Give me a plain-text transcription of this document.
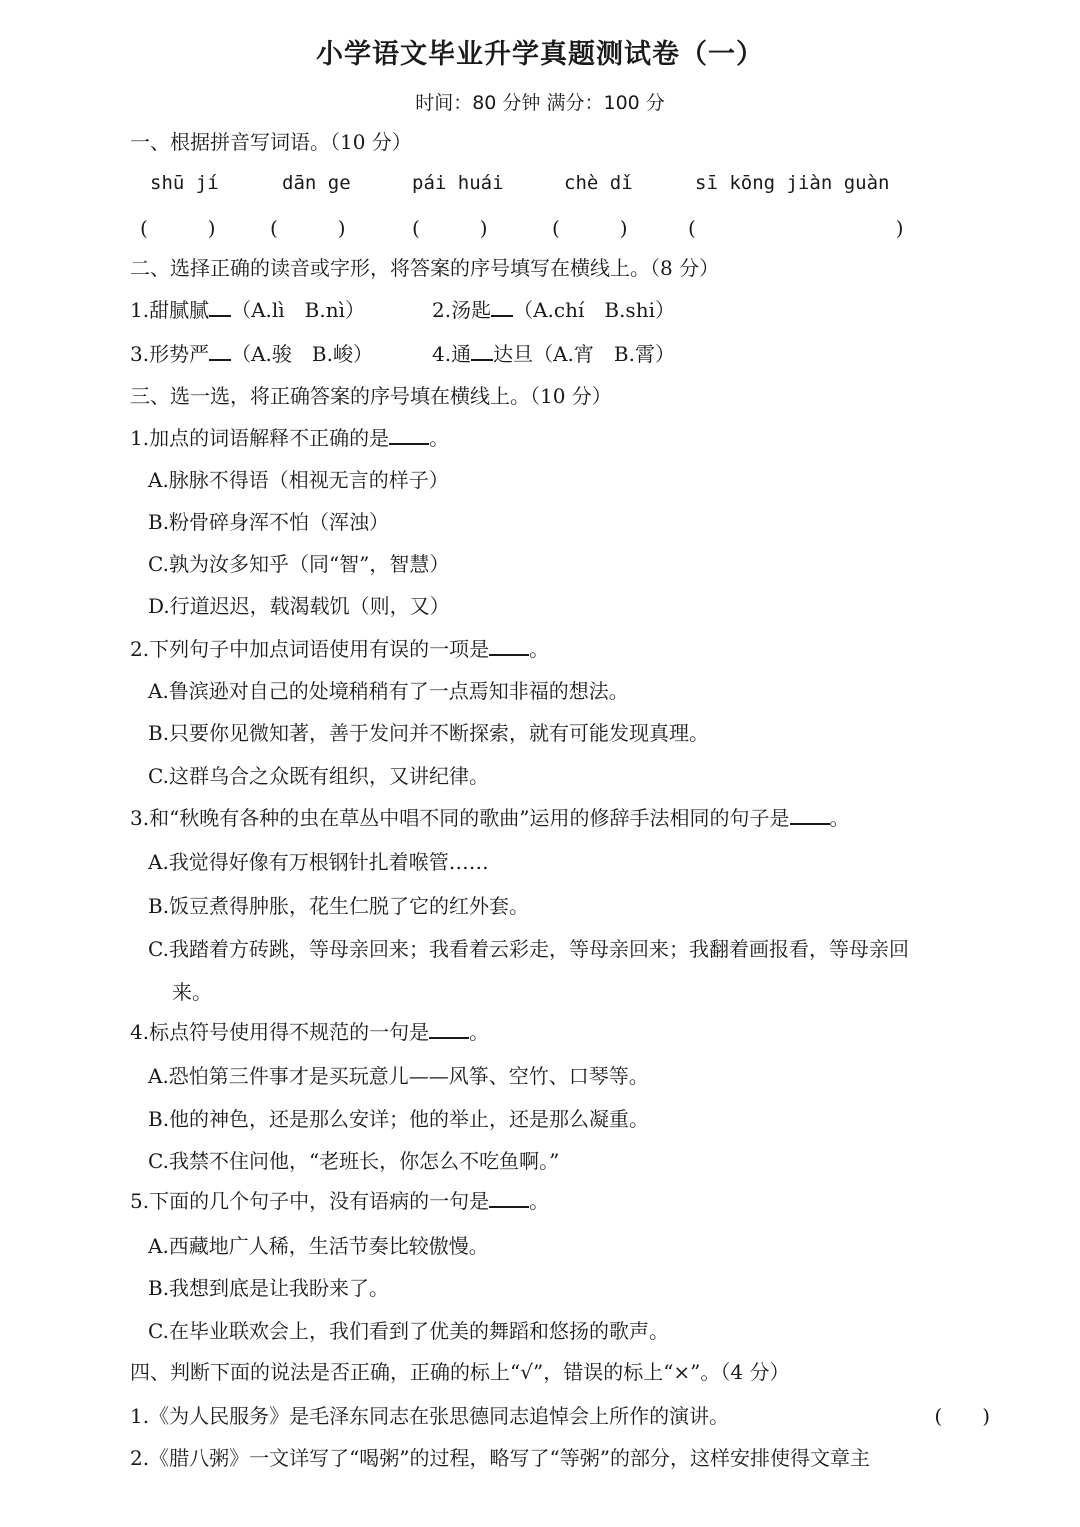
小学语文毕业升学真题测试卷（一）
时间：80 分钟 满分：100 分
一、根据拼音写词语。（10 分）
shū jí	dān ge	pái huái	chè dǐ	sī kōng jiàn guàn
(　　　)	(　　　)	(　　　)	(　　　)	(　　　　　　　　　　)
二、选择正确的读音或字形，将答案的序号填写在横线上。（8 分）
1.甜腻腻 （A.lì　B.nì）	2.汤匙 （A.chí　B.shi）
3.形势严 （A.骏　B.峻）	4.通 达旦（A.宵　B.霄）
三、选一选，将正确答案的序号填在横线上。（10 分）
1.加点的词语解释不正确的是 。
A.脉脉不得语（相视无言的样子）
B.粉骨碎身浑不怕（浑浊）
C.孰为汝多知乎（同“智”，智慧）
D.行道迟迟，载渴载饥（则，又）
2.下列句子中加点词语使用有误的一项是 。
A.鲁滨逊对自己的处境稍稍有了一点焉知非福的想法。
B.只要你见微知著，善于发问并不断探索，就有可能发现真理。
C.这群乌合之众既有组织，又讲纪律。
3.和“秋晚有各种的虫在草丛中唱不同的歌曲”运用的修辞手法相同的句子是 。
A.我觉得好像有万根钢针扎着喉管……
B.饭豆煮得肿胀，花生仁脱了它的红外套。
C.我踏着方砖跳，等母亲回来；我看着云彩走，等母亲回来；我翻着画报看，等母亲回
来。
4.标点符号使用得不规范的一句是 。
A.恐怕第三件事才是买玩意儿——风筝、空竹、口琴等。
B.他的神色，还是那么安详；他的举止，还是那么凝重。
C.我禁不住问他，“老班长，你怎么不吃鱼啊。”
5.下面的几个句子中，没有语病的一句是 。
A.西藏地广人稀，生活节奏比较傲慢。
B.我想到底是让我盼来了。
C.在毕业联欢会上，我们看到了优美的舞蹈和悠扬的歌声。
四、判断下面的说法是否正确，正确的标上“√”，错误的标上“×”。（4 分）
1.《为人民服务》是毛泽东同志在张思德同志追悼会上所作的演讲。	(　　)
2.《腊八粥》一文详写了“喝粥”的过程，略写了“等粥”的部分，这样安排使得文章主
